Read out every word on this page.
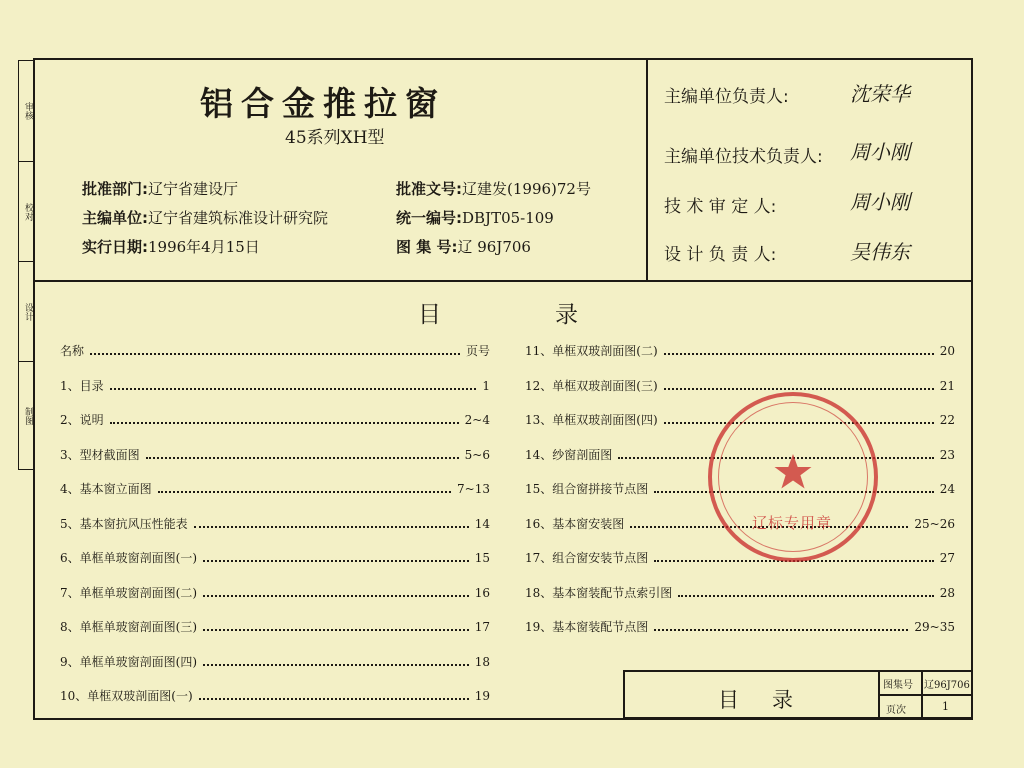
审核
校对
设计
制图
铝合金推拉窗
45系列XH型
批准部门:辽宁省建设厅
主编单位:辽宁省建筑标准设计研究院
实行日期:1996年4月15日
批准文号:辽建发(1996)72号
统一编号:DBJT05-109
图 集 号:辽 96J706
主编单位负责人:	沈荣华
主编单位技术负责人: 周小刚
技 术 审 定 人:	周小刚
设 计 负 责 人:	吴伟东
目	录
名称	页号
1、目录	1
2、说明	2~4
3、型材截面图	5~6
4、基本窗立面图	7~13
5、基本窗抗风压性能表	14
6、单框单玻窗剖面图(一)	15
7、单框单玻窗剖面图(二)	16
8、单框单玻窗剖面图(三)	17
9、单框单玻窗剖面图(四)	18
10、单框双玻剖面图(一)	19
11、单框双玻剖面图(二)	20
12、单框双玻剖面图(三)	21
13、单框双玻剖面图(四)	22
14、纱窗剖面图	23
15、组合窗拼接节点图	24
16、基本窗安装图	25~26
17、组合窗安装节点图	27
18、基本窗装配节点索引图	28
19、基本窗装配节点图	29~35
辽标专用章
目 录
图集号 辽96J706
页次	1
